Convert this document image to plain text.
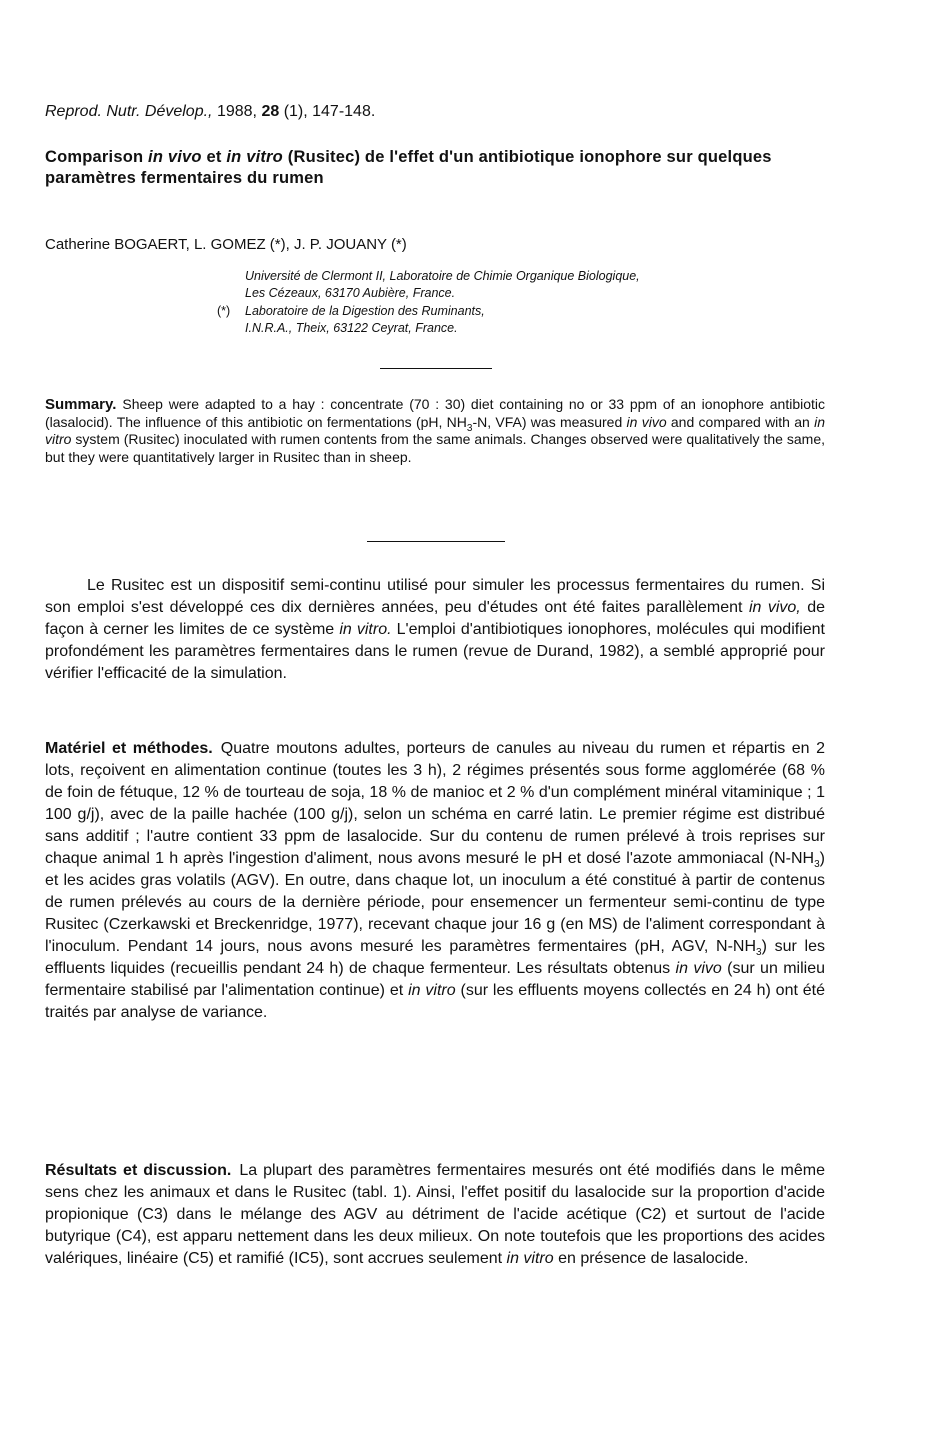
Reprod. Nutr. Dévelop., 1988, 28 (1), 147-148.
Comparison in vivo et in vitro (Rusitec) de l'effet d'un antibiotique ionophore sur quelques paramètres fermentaires du rumen
Catherine BOGAERT, L. GOMEZ (*), J. P. JOUANY (*)
Université de Clermont II, Laboratoire de Chimie Organique Biologique,
Les Cézeaux, 63170 Aubière, France.
(*) Laboratoire de la Digestion des Ruminants,
I.N.R.A., Theix, 63122 Ceyrat, France.
Summary. Sheep were adapted to a hay : concentrate (70 : 30) diet containing no or 33 ppm of an ionophore antibiotic (lasalocid). The influence of this antibiotic on fermentations (pH, $NH_3-N$, VFA) was measured in vivo and compared with an in vitro system (Rusitec) inoculated with rumen contents from the same animals. Changes observed were qualitatively the same, but they were quantitatively larger in Rusitec than in sheep.
Le Rusitec est un dispositif semi-continu utilisé pour simuler les processus fermentaires du rumen. Si son emploi s'est développé ces dix dernières années, peu d'études ont été faites parallèlement in vivo, de façon à cerner les limites de ce système in vitro. L'emploi d'antibiotiques ionophores, molécules qui modifient profondément les paramètres fermentaires dans le rumen (revue de Durand, 1982), a semblé approprié pour vérifier l'efficacité de la simulation.
Matériel et méthodes. Quatre moutons adultes, porteurs de canules au niveau du rumen et répartis en 2 lots, reçoivent en alimentation continue (toutes les 3 h), 2 régimes présentés sous forme agglomérée (68 % de foin de fétuque, 12 % de tourteau de soja, 18 % de manioc et 2 % d'un complément minéral vitaminique ; 1 100 g/j), avec de la paille hachée (100 g/j), selon un schéma en carré latin. Le premier régime est distribué sans additif ; l'autre contient 33 ppm de lasalocide. Sur du contenu de rumen prélevé à trois reprises sur chaque animal 1 h après l'ingestion d'aliment, nous avons mesuré le pH et dosé l'azote ammoniacal $(N-NH_3)$ et les acides gras volatils (AGV). En outre, dans chaque lot, un inoculum a été constitué à partir de contenus de rumen prélevés au cours de la dernière période, pour ensemencer un fermenteur semi-continu de type Rusitec (Czerkawski et Breckenridge, 1977), recevant chaque jour 16 g (en MS) de l'aliment correspondant à l'inoculum. Pendant 14 jours, nous avons mesuré les paramètres fermentaires (pH, AGV, $N-NH_3$) sur les effluents liquides (recueillis pendant 24 h) de chaque fermenteur. Les résultats obtenus in vivo (sur un milieu fermentaire stabilisé par l'alimentation continue) et in vitro (sur les effluents moyens collectés en 24 h) ont été traités par analyse de variance.
Résultats et discussion. La plupart des paramètres fermentaires mesurés ont été modifiés dans le même sens chez les animaux et dans le Rusitec (tabl. 1). Ainsi, l'effet positif du lasalocide sur la proportion d'acide propionique (C3) dans le mélange des AGV au détriment de l'acide acétique (C2) et surtout de l'acide butyrique (C4), est apparu nettement dans les deux milieux. On note toutefois que les proportions des acides valériques, linéaire (C5) et ramifié (IC5), sont accrues seulement in vitro en présence de lasalocide.
